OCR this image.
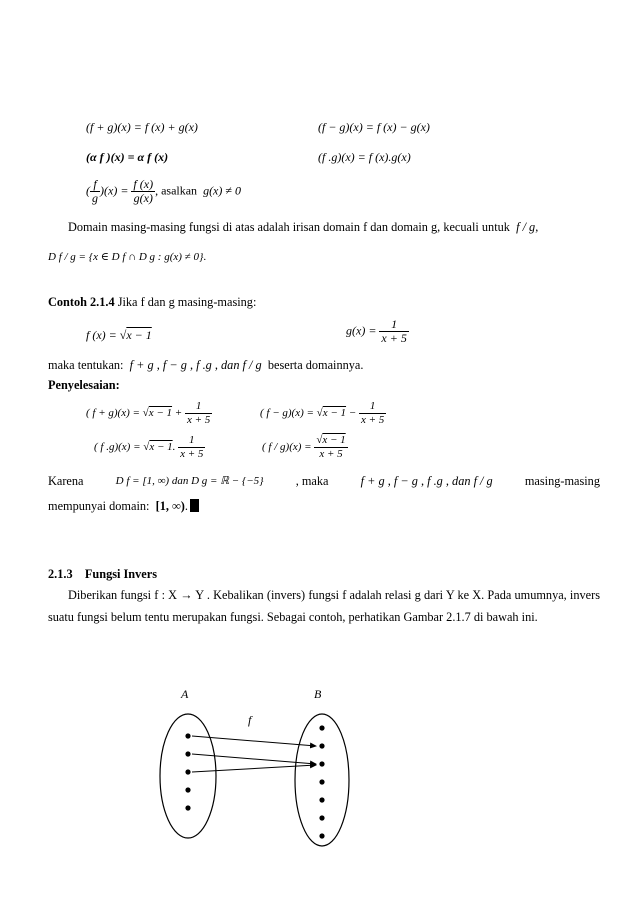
(f + g)(x) = f (x) + g(x)	(f − g)(x) = f (x) − g(x)
(α f )(x) = α f (x)	(f .g)(x) = f (x).g(x)
( $\frac{f}{g} )(x) = \frac{f (x)}{g(x)}$ , asalkan g(x) ≠ 0
Domain masing-masing fungsi di atas adalah irisan domain f dan domain g, kecuali untuk f / g,
D f / g = {x ∈ D f ∩ D g : g(x) ≠ 0}.
Contoh 2.1.4 Jika f dan g masing-masing:
f (x) = √x − 1	$g(x) = \frac{1}{x + 5}$
maka tentukan: f + g , f − g , f .g , dan f / g beserta domainnya.
Penyelesaian:
( $f + g)(x) = √x - 1 + \frac{1}{x + 5}$	( $f - g)(x) = √x - 1 - \frac{1}{x + 5}$
( f .g)(x) = √x − 1. $\frac{1}{x + 5}$	( $f / g)(x) = \frac{√x - 1}{x + 5}$
Karena	D f = [1, ∞) dan D g = ℝ − {−5}	, maka	f + g , f − g , f .g , dan f / g	masing-masing
mempunyai domain: [1, ∞).
2.1.3 Fungsi Invers
Diberikan fungsi f : X → Y . Kebalikan (invers) fungsi f adalah relasi g dari Y ke X. Pada umumnya, invers suatu fungsi belum tentu merupakan fungsi. Sebagai contoh, perhatikan Gambar 2.1.7 di bawah ini.
A	B
f
